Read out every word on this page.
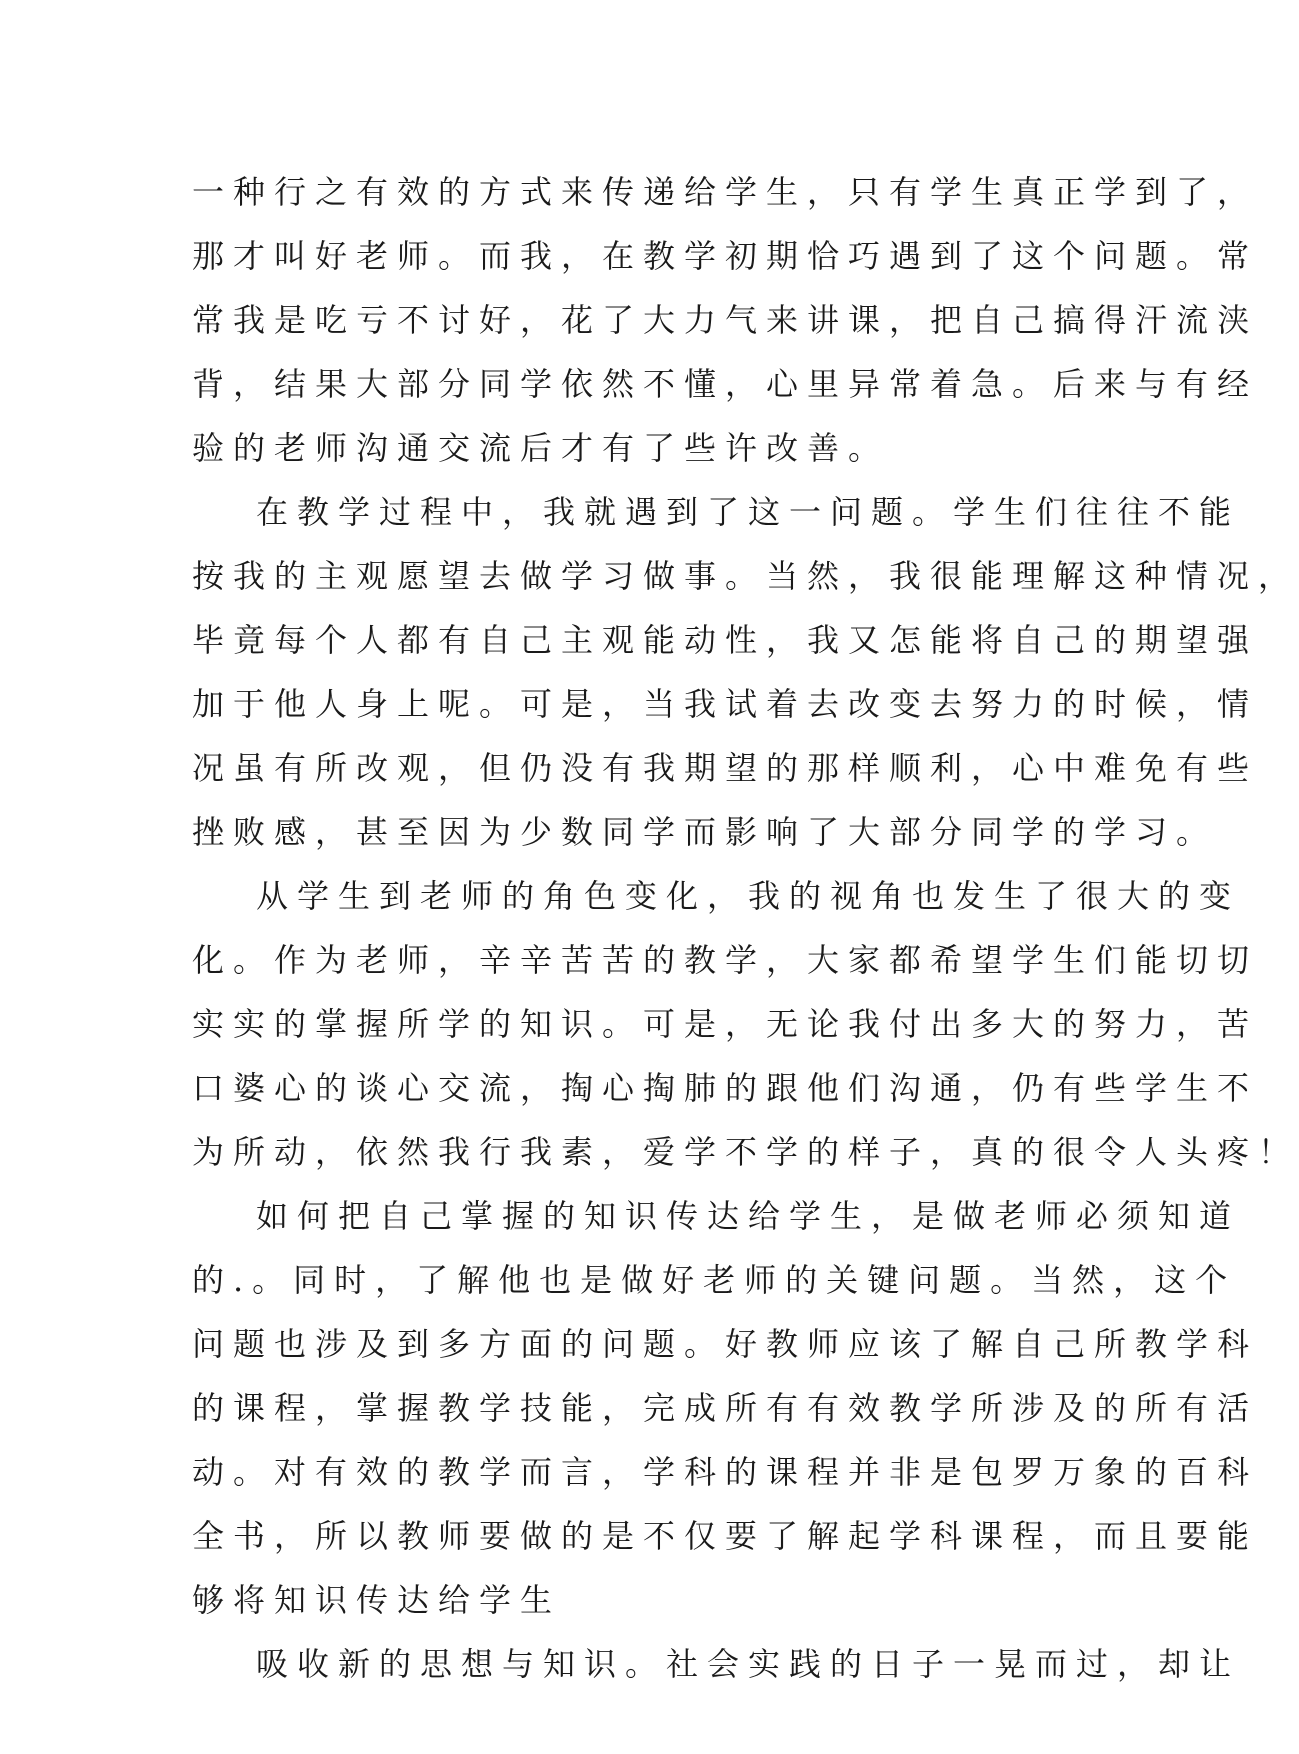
一种行之有效的方式来传递给学生，只有学生真正学到了，
那才叫好老师。而我，在教学初期恰巧遇到了这个问题。常
常我是吃亏不讨好，花了大力气来讲课，把自己搞得汗流浃
背，结果大部分同学依然不懂，心里异常着急。后来与有经
验的老师沟通交流后才有了些许改善。
在教学过程中，我就遇到了这一问题。学生们往往不能
按我的主观愿望去做学习做事。当然，我很能理解这种情况，
毕竟每个人都有自己主观能动性，我又怎能将自己的期望强
加于他人身上呢。可是，当我试着去改变去努力的时候，情
况虽有所改观，但仍没有我期望的那样顺利，心中难免有些
挫败感，甚至因为少数同学而影响了大部分同学的学习。
从学生到老师的角色变化，我的视角也发生了很大的变
化。作为老师，辛辛苦苦的教学，大家都希望学生们能切切
实实的掌握所学的知识。可是，无论我付出多大的努力，苦
口婆心的谈心交流，掏心掏肺的跟他们沟通，仍有些学生不
为所动，依然我行我素，爱学不学的样子，真的很令人头疼！
如何把自己掌握的知识传达给学生，是做老师必须知道
的.。同时，了解他也是做好老师的关键问题。当然，这个
问题也涉及到多方面的问题。好教师应该了解自己所教学科
的课程，掌握教学技能，完成所有有效教学所涉及的所有活
动。对有效的教学而言，学科的课程并非是包罗万象的百科
全书，所以教师要做的是不仅要了解起学科课程，而且要能
够将知识传达给学生
吸收新的思想与知识。社会实践的日子一晃而过，却让
